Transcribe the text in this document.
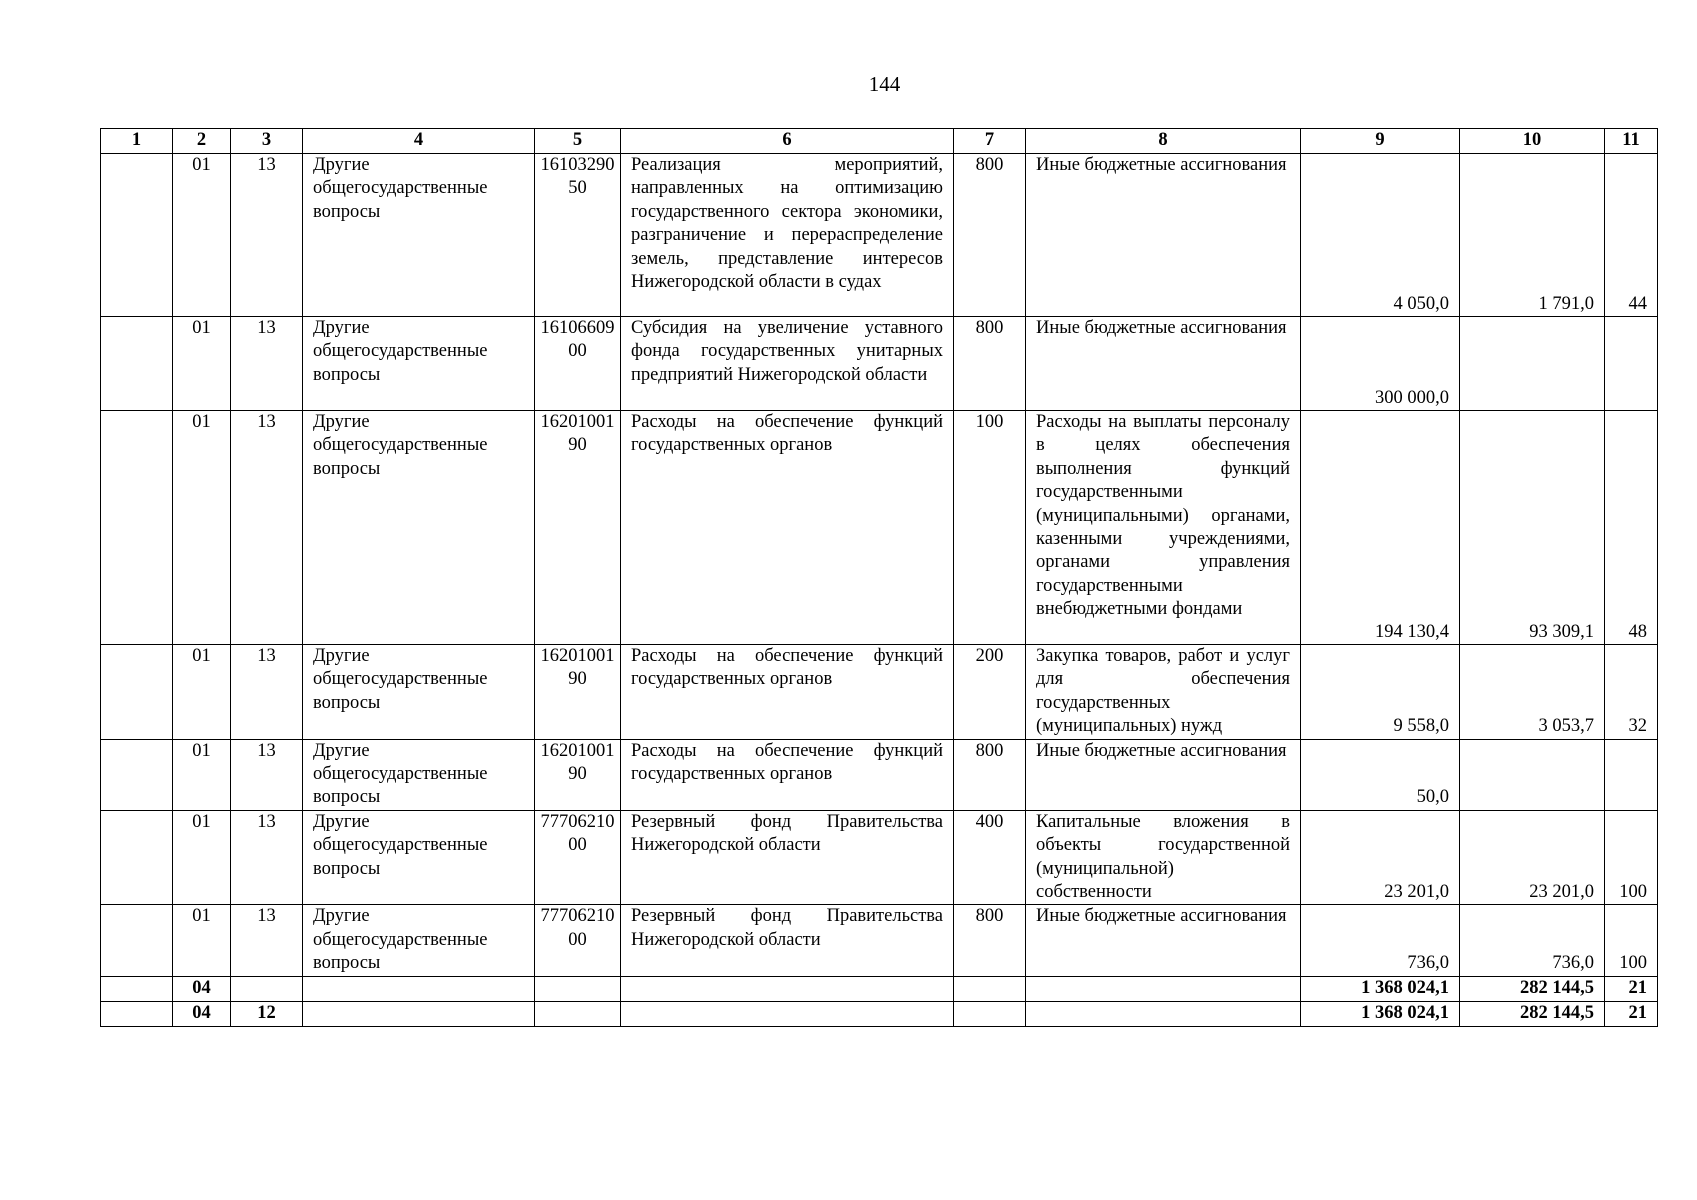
144
1	2	3	4	5	6	7	8	9	10	11
	01	13	Другие общегосударственные вопросы	1610329050	Реализация мероприятий, направленных на оптимизацию государственного сектора экономики, разграничение и перераспределение земель, представление интересов Нижегородской области в судах	800	Иные бюджетные ассигнования	4 050,0	1 791,0	44
	01	13	Другие общегосударственные вопросы	1610660900	Субсидия на увеличение уставного фонда государственных унитарных предприятий Нижегородской области	800	Иные бюджетные ассигнования	300 000,0		
	01	13	Другие общегосударственные вопросы	1620100190	Расходы на обеспечение функций государственных органов	100	Расходы на выплаты персоналу в целях обеспечения выполнения функций государственными (муниципальными) органами, казенными учреждениями, органами управления государственными внебюджетными фондами	194 130,4	93 309,1	48
	01	13	Другие общегосударственные вопросы	1620100190	Расходы на обеспечение функций государственных органов	200	Закупка товаров, работ и услуг для обеспечения государственных (муниципальных) нужд	9 558,0	3 053,7	32
	01	13	Другие общегосударственные вопросы	1620100190	Расходы на обеспечение функций государственных органов	800	Иные бюджетные ассигнования	50,0		
	01	13	Другие общегосударственные вопросы	7770621000	Резервный фонд Правительства Нижегородской области	400	Капитальные вложения в объекты государственной (муниципальной) собственности	23 201,0	23 201,0	100
	01	13	Другие общегосударственные вопросы	7770621000	Резервный фонд Правительства Нижегородской области	800	Иные бюджетные ассигнования	736,0	736,0	100
	04							1 368 024,1	282 144,5	21
	04	12						1 368 024,1	282 144,5	21
